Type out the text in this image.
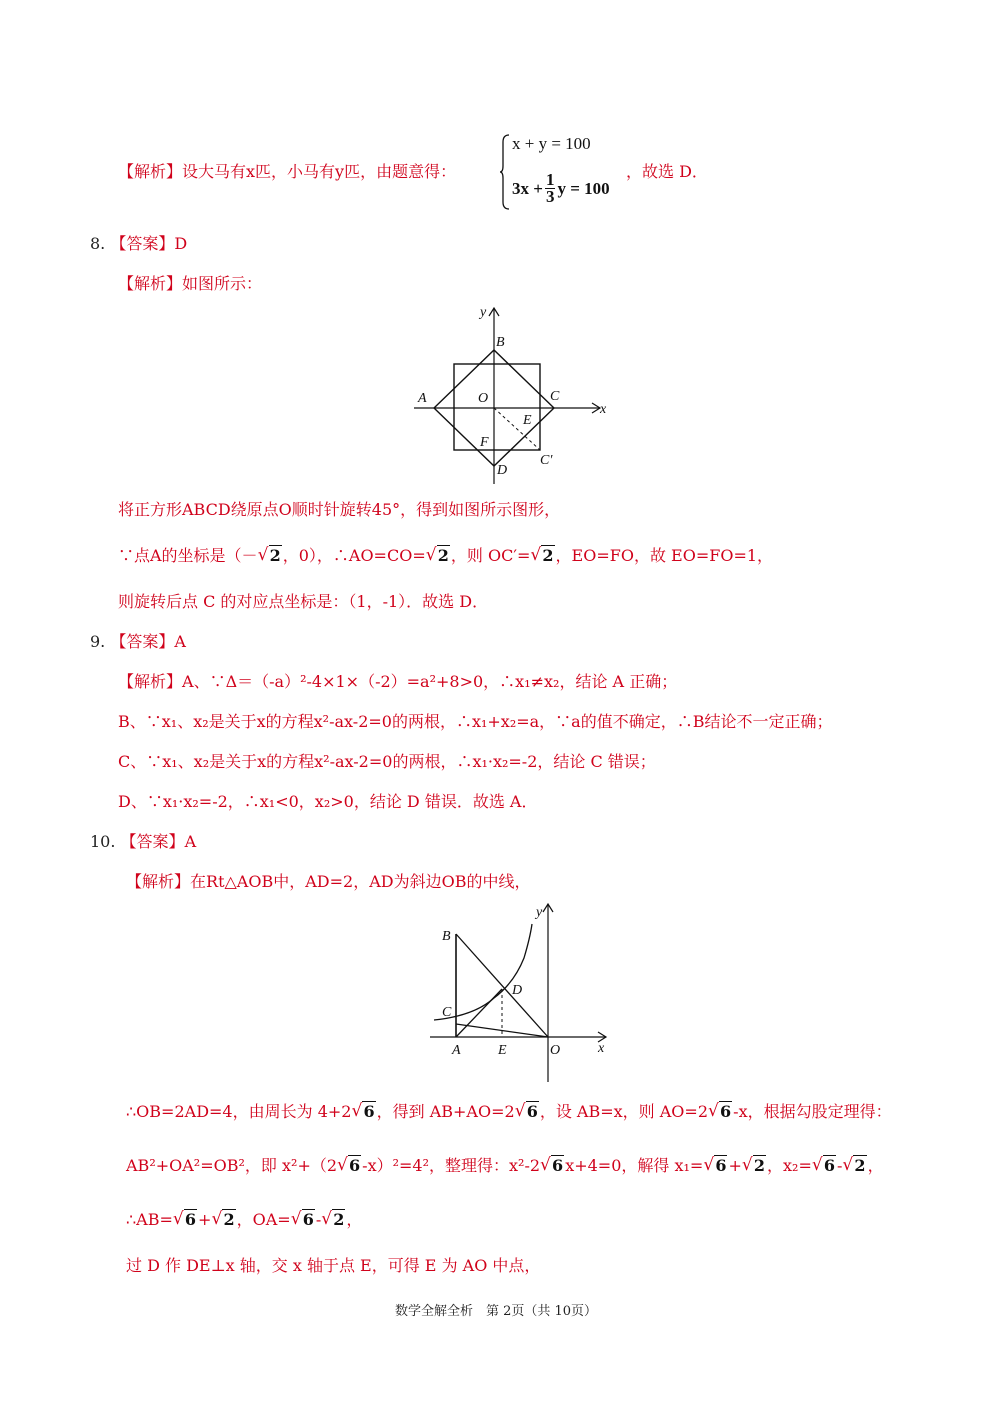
【解析】设大马有x匹，小马有y匹，由题意得：
x + y = 100
$3x + \frac{1}{3}$ y = 100
，故选 D．
8. 【答案】D
【解析】如图所示：
y
x
B
A	O	C
E
F
D
C′
将正方形ABCD绕原点O顺时针旋转45°，得到如图所示图形，
∵点A的坐标是（－ √ 2 ，0），∴AO=CO= √ 2 ，则 OC′= √ 2 ，EO=FO，故 EO=FO=1，
则旋转后点 C 的对应点坐标是：（1，-1）．故选 D．
9. 【答案】A
【解析】A、∵Δ＝（-a）²-4×1×（-2）=a²+8>0，∴x₁≠x₂，结论 A 正确；
B、∵x₁、x₂是关于x的方程x²-ax-2=0的两根，∴x₁+x₂=a，∵a的值不确定，∴B结论不一定正确；
C、∵x₁、x₂是关于x的方程x²-ax-2=0的两根，∴x₁·x₂=-2，结论 C 错误；
D、∵x₁·x₂=-2，∴x₁<0，x₂>0，结论 D 错误．故选 A．
10. 【答案】A
【解析】在Rt△AOB中，AD=2，AD为斜边OB的中线，
y
x
B
C
D
A	E	O
∴OB=2AD=4，由周长为 4+2 √ 6 ，得到 AB+AO=2 √ 6 ，设 AB=x，则 AO=2 √ 6 -x，根据勾股定理得：
AB²+OA²=OB²，即 x²+（2 √ 6 -x）²=4²，整理得：x²-2 √ 6 x+4=0，解得 x₁= √ 6 + √ 2 ，x₂= √ 6 - √ 2 ，
∴AB= √ 6 + √ 2 ，OA= √ 6 - √ 2 ，
过 D 作 DE⊥x 轴，交 x 轴于点 E，可得 E 为 AO 中点，
数学全解全析　第 2页（共 10页）
